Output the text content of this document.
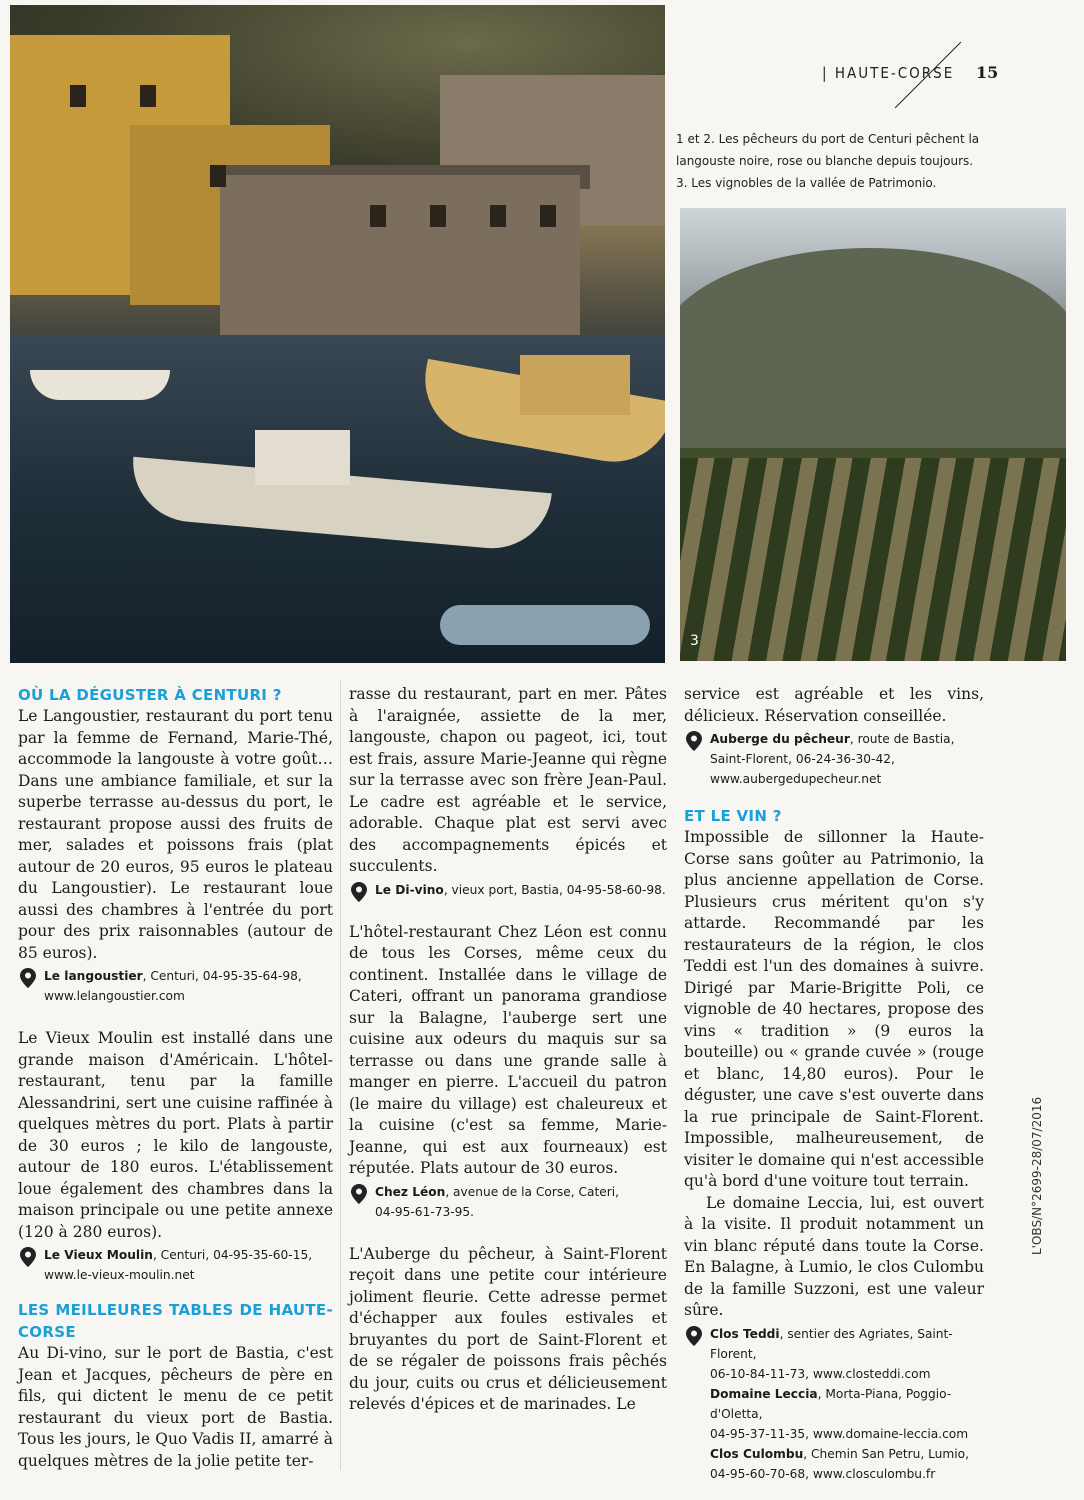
3
| HAUTE-CORSE 15
1 et 2. Les pêcheurs du port de Centuri pêchent la
langouste noire, rose ou blanche depuis toujours.
3. Les vignobles de la vallée de Patrimonio.
OÙ LA DÉGUSTER À CENTURI ?

Le Langoustier, restaurant du port tenu par la femme de Fernand, Marie-Thé, accommode la langouste à votre goût… Dans une ambiance familiale, et sur la superbe terrasse au-dessus du port, le restaurant propose aussi des fruits de mer, salades et poissons frais (plat autour de 20 euros, 95 euros le plateau du Langoustier). Le restaurant loue aussi des chambres à l'entrée du port pour des prix raisonnables (autour de 85 euros).

Le langoustier, Centuri, 04-95-35-64-98,
www.lelangoustier.com

Le Vieux Moulin est installé dans une grande maison d'Américain. L'hôtel-restaurant, tenu par la famille Alessandrini, sert une cuisine raffinée à quelques mètres du port. Plats à partir de 30 euros ; le kilo de langouste, autour de 180 euros. L'établissement loue également des chambres dans la maison principale ou une petite annexe (120 à 280 euros).

Le Vieux Moulin, Centuri, 04-95-35-60-15,
www.le-vieux-moulin.net
LES MEILLEURES TABLES DE HAUTE-CORSE

Au Di-vino, sur le port de Bastia, c'est Jean et Jacques, pêcheurs de père en fils, qui dictent le menu de ce petit restaurant du vieux port de Bastia. Tous les jours, le Quo Vadis II, amarré à quelques mètres de la jolie petite ter-

rasse du restaurant, part en mer. Pâtes à l'araignée, assiette de la mer, langouste, chapon ou pageot, ici, tout est frais, assure Marie-Jeanne qui règne sur la terrasse avec son frère Jean-Paul. Le cadre est agréable et le service, adorable. Chaque plat est servi avec des accompagnements épicés et succulents.

Le Di-vino, vieux port, Bastia, 04-95-58-60-98.

L'hôtel-restaurant Chez Léon est connu de tous les Corses, même ceux du continent. Installée dans le village de Cateri, offrant un panorama grandiose sur la Balagne, l'auberge sert une cuisine aux odeurs du maquis sur sa terrasse ou dans une grande salle à manger en pierre. L'accueil du patron (le maire du village) est chaleureux et la cuisine (c'est sa femme, Marie-Jeanne, qui est aux fourneaux) est réputée. Plats autour de 30 euros.

Chez Léon, avenue de la Corse, Cateri,
04-95-61-73-95.

L'Auberge du pêcheur, à Saint-Florent reçoit dans une petite cour intérieure joliment fleurie. Cette adresse permet d'échapper aux foules estivales et bruyantes du port de Saint-Florent et de se régaler de poissons frais pêchés du jour, cuits ou crus et délicieusement relevés d'épices et de marinades. Le

service est agréable et les vins, délicieux. Réservation conseillée.

Auberge du pêcheur, route de Bastia,
Saint-Florent, 06-24-36-30-42,
www.aubergedupecheur.net
ET LE VIN ?

Impossible de sillonner la Haute-Corse sans goûter au Patrimonio, la plus ancienne appellation de Corse. Plusieurs crus méritent qu'on s'y attarde. Recommandé par les restaurateurs de la région, le clos Teddi est l'un des domaines à suivre. Dirigé par Marie-Brigitte Poli, ce vignoble de 40 hectares, propose des vins « tradition » (9 euros la bouteille) ou « grande cuvée » (rouge et blanc, 14,80 euros). Pour le déguster, une cave s'est ouverte dans la rue principale de Saint-Florent. Impossible, malheureusement, de visiter le domaine qui n'est accessible qu'à bord d'une voiture tout terrain.

Le domaine Leccia, lui, est ouvert à la visite. Il produit notamment un vin blanc réputé dans toute la Corse. En Balagne, à Lumio, le clos Culombu de la famille Suzzoni, est une valeur sûre.

Clos Teddi, sentier des Agriates, Saint-Florent,
06-10-84-11-73, www.closteddi.com
Domaine Leccia, Morta-Piana, Poggio-d'Oletta,
04-95-37-11-35, www.domaine-leccia.com
Clos Culombu, Chemin San Petru, Lumio,
04-95-60-70-68, www.closculombu.fr
L'OBS/N°2699-28/07/2016
